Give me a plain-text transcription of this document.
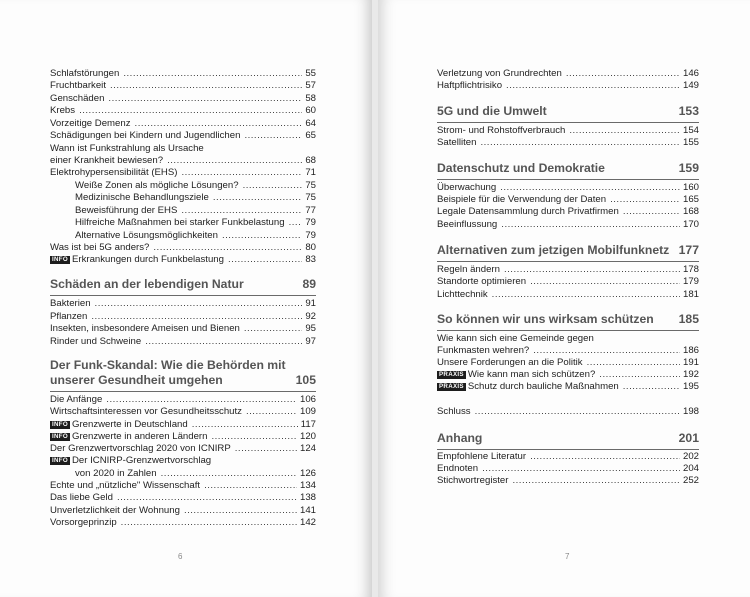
Schlafstörungen .....	55
Fruchtbarkeit .....	57
Genschäden .....	58
Krebs .....	60
Vorzeitige Demenz .....	64
Schädigungen bei Kindern und Jugendlichen .....	65
Wann ist Funkstrahlung als Ursache
einer Krankheit bewiesen? .....	68
Elektrohypersensibilität (EHS) .....	71
Weiße Zonen als mögliche Lösungen? .....	75
Medizinische Behandlungsziele .....	75
Beweisführung der EHS .....	77
Hilfreiche Maßnahmen bei starker Funkbelastung ..... 79
Alternative Lösungsmöglichkeiten .....	79
Was ist bei 5G anders? .....	80
INFO Erkrankungen durch Funkbelastung .....	83
Schäden an der lebendigen Natur	89
Bakterien .....	91
Pflanzen .....	92
Insekten, insbesondere Ameisen und Bienen .....	95
Rinder und Schweine .....	97
Der Funk-Skandal: Wie die Behörden mit
unserer Gesundheit umgehen	105
Die Anfänge .....	106
Wirtschaftsinteressen vor Gesundheitsschutz .....	109
INFO Grenzwerte in Deutschland .....	117
INFO Grenzwerte in anderen Ländern .....	120
Der Grenzwertvorschlag 2020 von ICNIRP .....	124
INFO Der ICNIRP-Grenzwertvorschlag
von 2020 in Zahlen .....	126
Echte und „nützliche" Wissenschaft .....	134
Das liebe Geld .....	138
Unverletzlichkeit der Wohnung .....	141
Vorsorgeprinzip .....	142
6
Verletzung von Grundrechten .....	146
Haftpflichtrisiko .....	149
5G und die Umwelt	153
Strom- und Rohstoffverbrauch .....	154
Satelliten .....	155
Datenschutz und Demokratie	159
Überwachung .....	160
Beispiele für die Verwendung der Daten .....	165
Legale Datensammlung durch Privatfirmen .....	168
Beeinflussung .....	170
Alternativen zum jetzigen Mobilfunknetz 177
Regeln ändern .....	178
Standorte optimieren .....	179
Lichttechnik .....	181
So können wir uns wirksam schützen 185
Wie kann sich eine Gemeinde gegen
Funkmasten wehren? .....	186
Unsere Forderungen an die Politik .....	191
PRAXIS Wie kann man sich schützen? .....	192
PRAXIS Schutz durch bauliche Maßnahmen .....	195
Schluss .....	198
Anhang	201
Empfohlene Literatur .....	202
Endnoten .....	204
Stichwortregister .....	252
7
